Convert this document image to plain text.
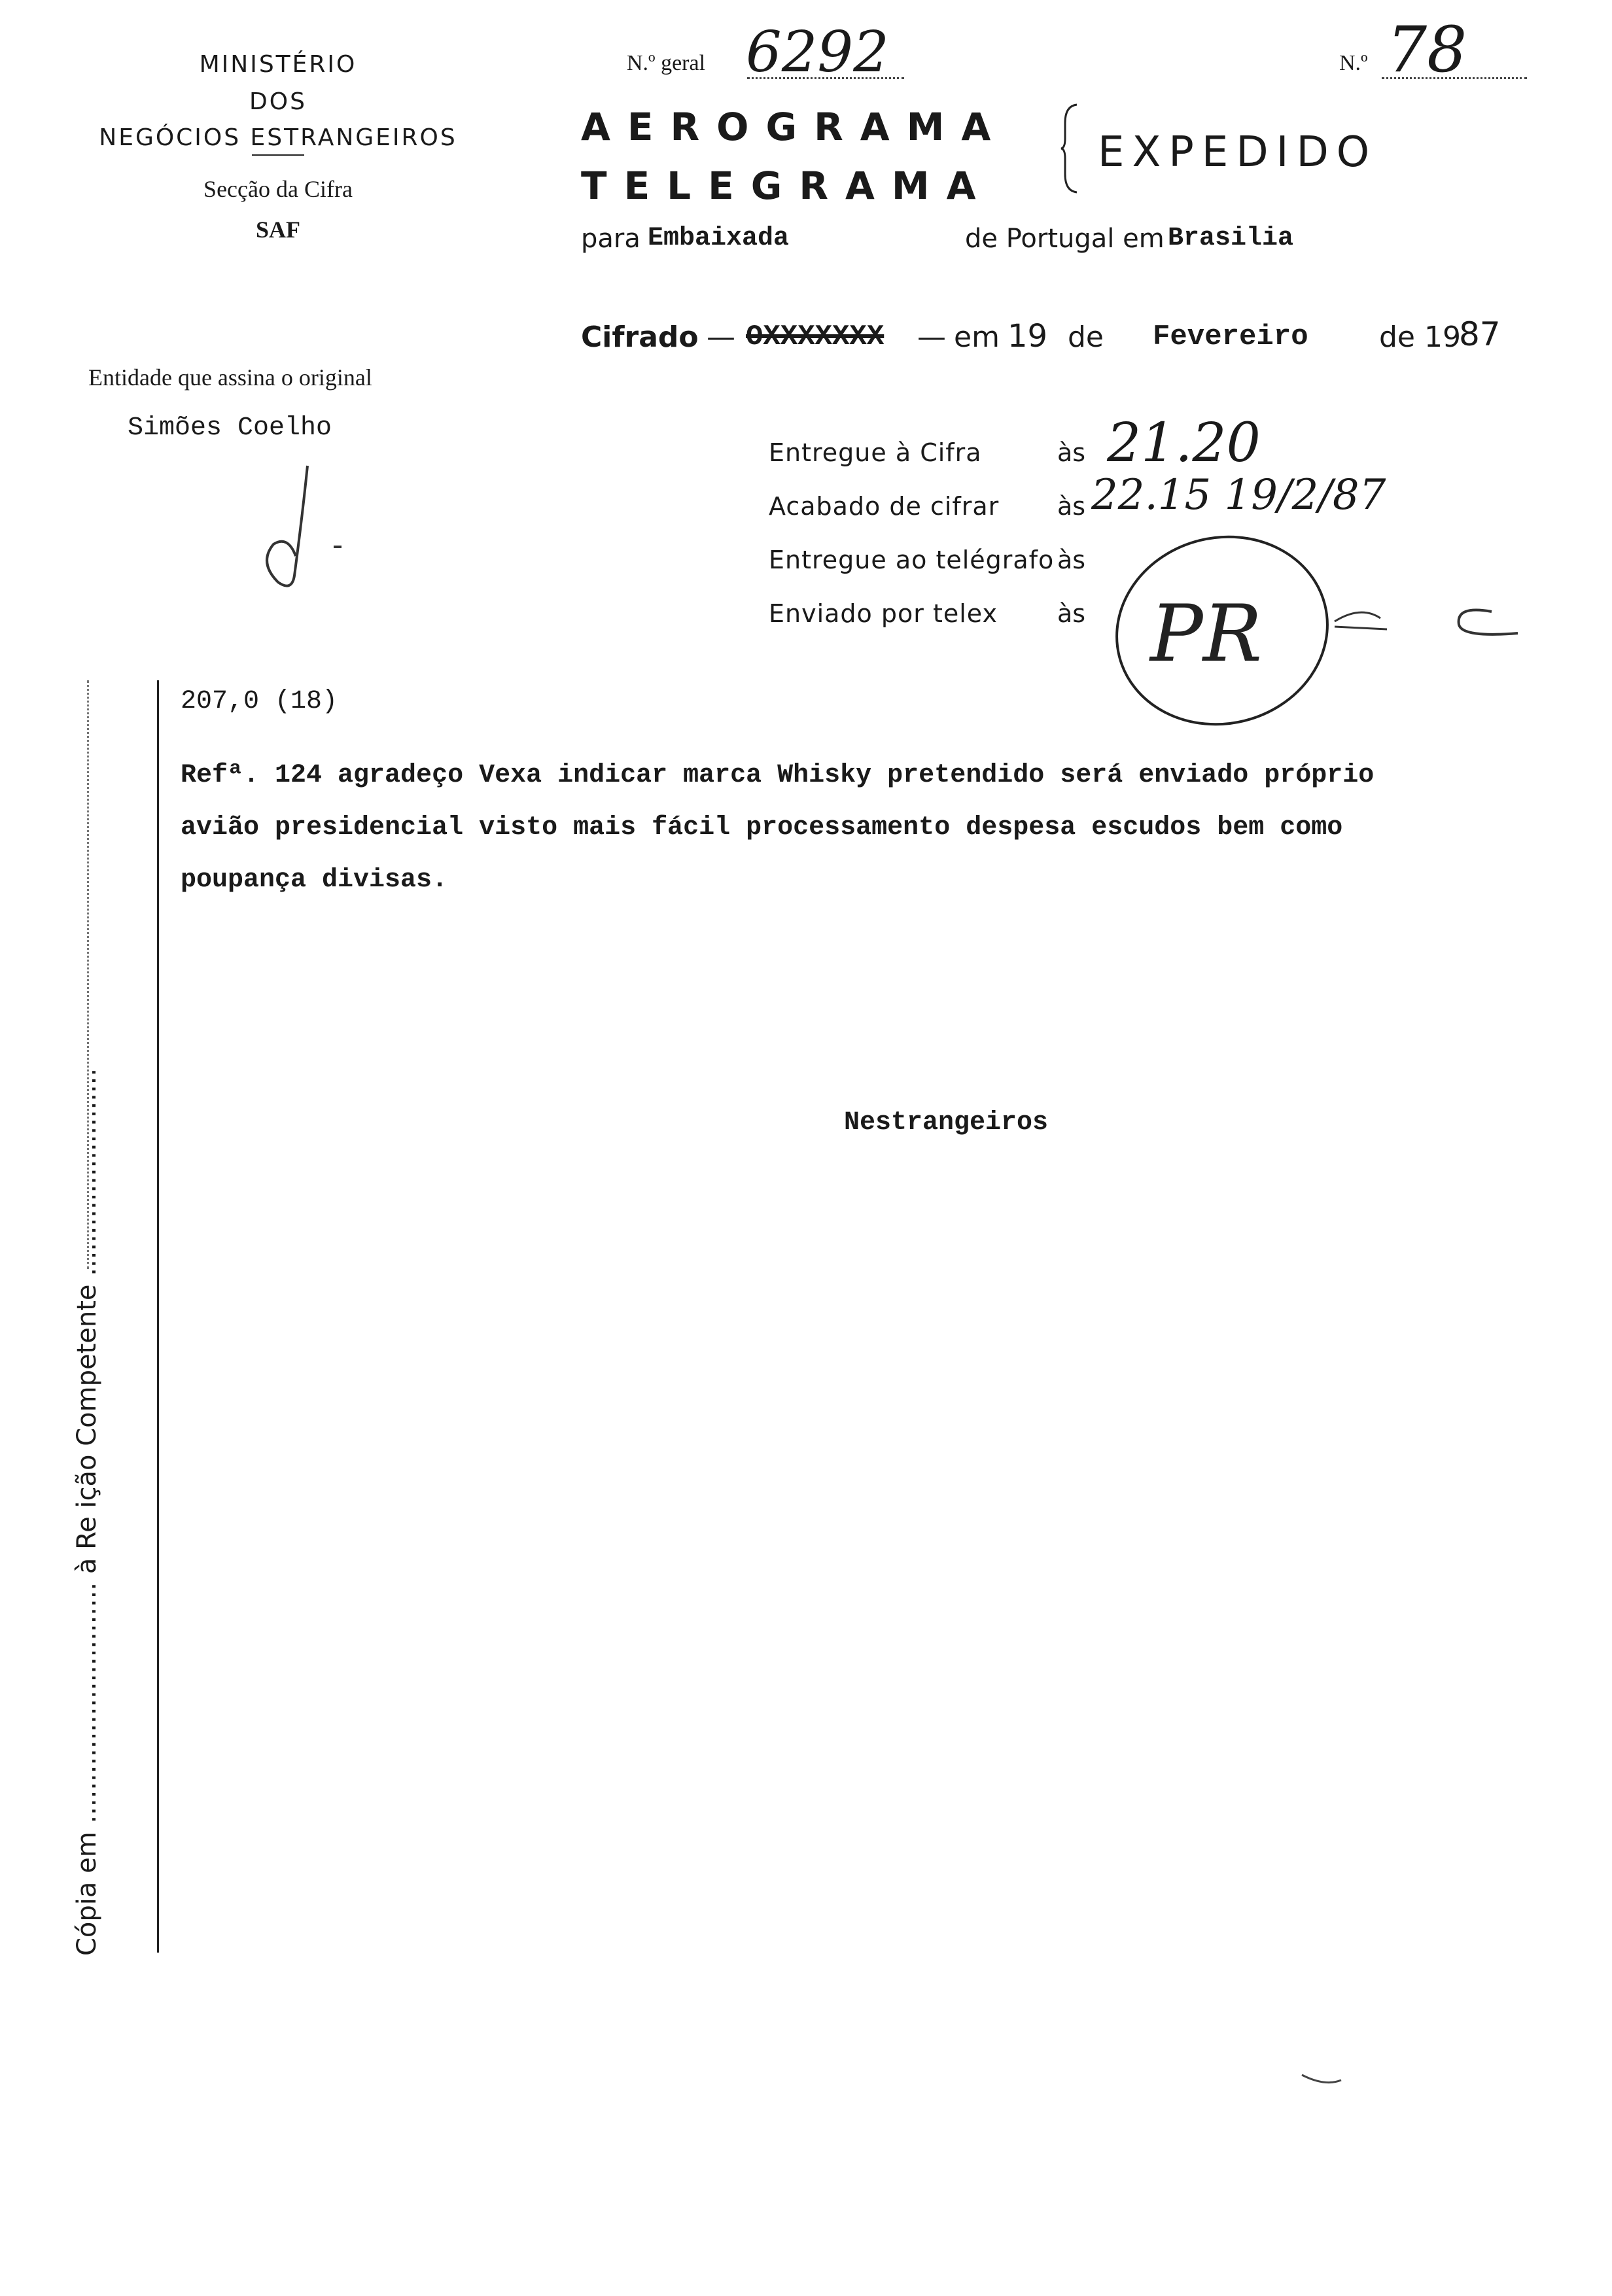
MINISTÉRIO
DOS
NEGÓCIOS ESTRANGEIROS
Secção da Cifra
SAF
N.º geral 6292	N.º 78
AEROGRAMA
TELEGRAMA
EXPEDIDO
para Embaixada	de Portugal em Brasilia
Cifrado — OXXXXXXX — em 19 de Fevereiro de 19
87
Entidade que assina o original
Simões Coelho
Entregue à Cifra	às 21.20
Acabado de cifrar às 22.15 19/2/87
Entregue ao telégrafo às
Enviado por telex às PR
Cópia em ............................. à Re ição Competente .........................
207,0 (18)
Refª. 124 agradeço Vexa indicar marca Whisky pretendido será enviado próprio
avião presidencial visto mais fácil processamento despesa escudos bem como
poupança divisas.
Nestrangeiros
